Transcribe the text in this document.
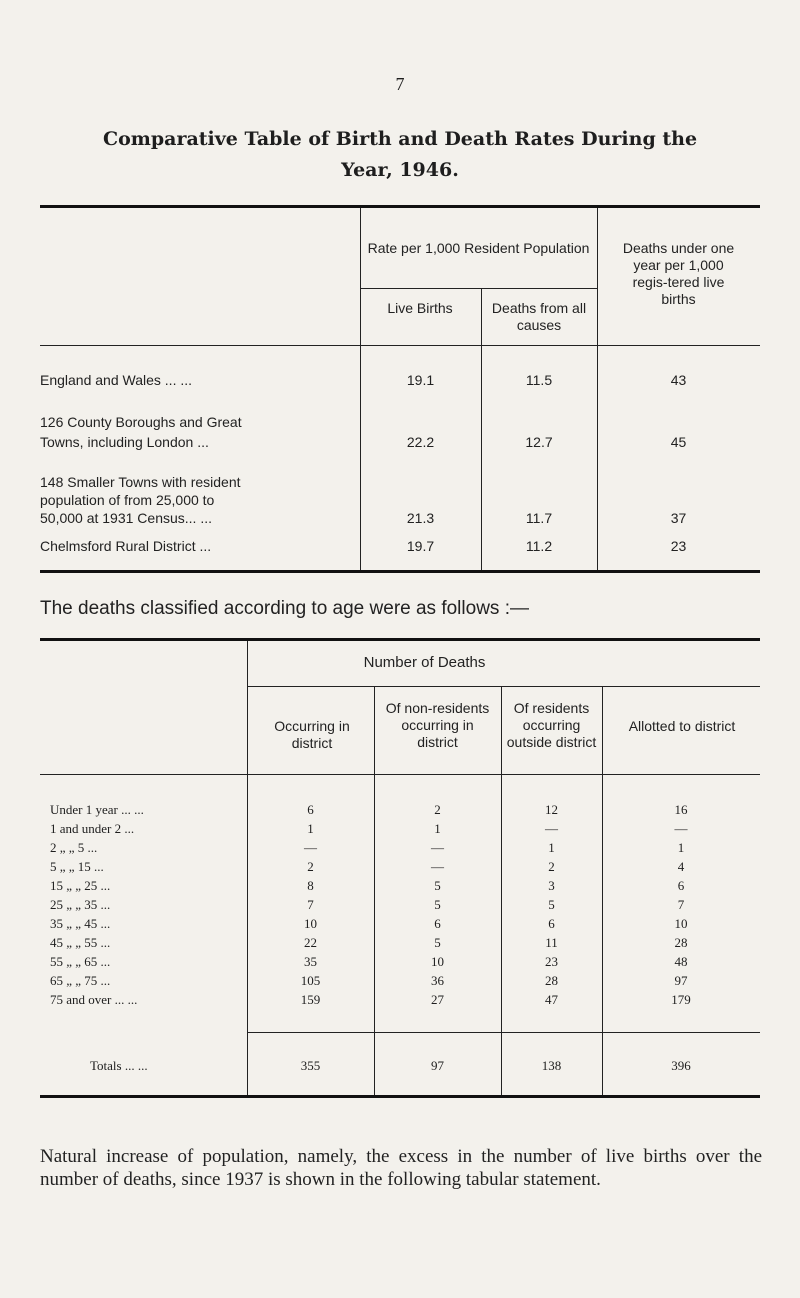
7
Comparative Table of Birth and Death Rates During the
Year, 1946.
Rate per 1,000 Resident Population
Live Births	Deaths from all causes
Deaths under one year per 1,000 regis-tered live births
England and Wales ... ...	19.1	11.5	43
126 County Boroughs and Great
Towns, including London ...	22.2	12.7	45
148 Smaller Towns with resident
population of from 25,000 to
50,000 at 1931 Census... ...	21.3	11.7	37
Chelmsford Rural District ...	19.7	11.2	23
The deaths classified according to age were as follows :—
Number of Deaths
Occurring in district
Of non-residents occurring in district
Of residents occurring outside district
Allotted to district
Under 1 year ... ...	6	2	12	16
1 and under 2 ...	1	1	—	—
2 „ „ 5 ...	—	—	1	1
5 „ „ 15 ...	2	—	2	4
15 „ „ 25 ...	8	5	3	6
25 „ „ 35 ...	7	5	5	7
35 „ „ 45 ...	10	6	6	10
45 „ „ 55 ...	22	5	11	28
55 „ „ 65 ...	35	10	23	48
65 „ „ 75 ...	105	36	28	97
75 and over ... ...	159	27	47	179
Totals ... ...	355	97	138	396
Natural increase of population, namely, the excess in the number of live births over the number of deaths, since 1937 is shown in the following tabular statement.
